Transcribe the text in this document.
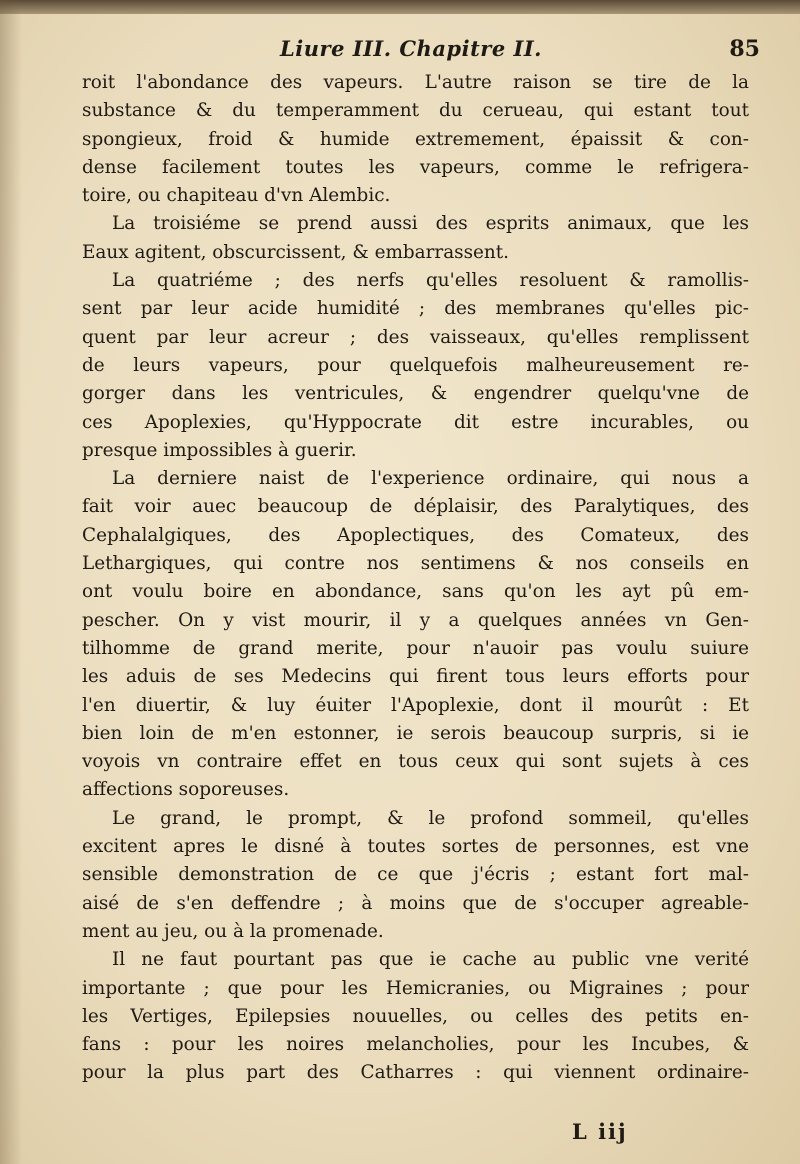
Liure III. Chapitre II.	85
roit l'abondance des vapeurs. L'autre raison se tire de la
substance & du temperamment du cerueau, qui estant tout
spongieux, froid & humide extremement, épaissit & con-
dense facilement toutes les vapeurs, comme le refrigera-
toire, ou chapiteau d'vn Alembic.
La troisiéme se prend aussi des esprits animaux, que les
Eaux agitent, obscurcissent, & embarrassent.
La quatriéme ; des nerfs qu'elles resoluent & ramollis-
sent par leur acide humidité ; des membranes qu'elles pic-
quent par leur acreur ; des vaisseaux, qu'elles remplissent
de leurs vapeurs, pour quelquefois malheureusement re-
gorger dans les ventricules, & engendrer quelqu'vne de
ces Apoplexies, qu'Hyppocrate dit estre incurables, ou
presque impossibles à guerir.
La derniere naist de l'experience ordinaire, qui nous a
fait voir auec beaucoup de déplaisir, des Paralytiques, des
Cephalalgiques, des Apoplectiques, des Comateux, des
Lethargiques, qui contre nos sentimens & nos conseils en
ont voulu boire en abondance, sans qu'on les ayt pû em-
pescher. On y vist mourir, il y a quelques années vn Gen-
tilhomme de grand merite, pour n'auoir pas voulu suiure
les aduis de ses Medecins qui firent tous leurs efforts pour
l'en diuertir, & luy éuiter l'Apoplexie, dont il mourût : Et
bien loin de m'en estonner, ie serois beaucoup surpris, si ie
voyois vn contraire effet en tous ceux qui sont sujets à ces
affections soporeuses.
Le grand, le prompt, & le profond sommeil, qu'elles
excitent apres le disné à toutes sortes de personnes, est vne
sensible demonstration de ce que j'écris ; estant fort mal-
aisé de s'en deffendre ; à moins que de s'occuper agreable-
ment au jeu, ou à la promenade.
Il ne faut pourtant pas que ie cache au public vne verité
importante ; que pour les Hemicranies, ou Migraines ; pour
les Vertiges, Epilepsies nouuelles, ou celles des petits en-
fans : pour les noires melancholies, pour les Incubes, &
pour la plus part des Catharres : qui viennent ordinaire-
L iij
